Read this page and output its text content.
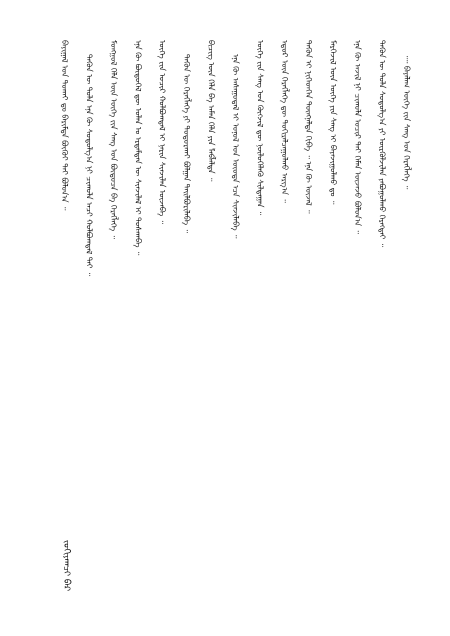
ᠪᠠᠶᠢᠭᠠᠯ ᠤᠨ ᠲᠤᠬᠠᠢ ᠳᠤ ᠪᠠᠷᠢᠮᠲᠠ ᠪᠦᠬᠦᠢ ᠲᠠᠢ ᠪᠣᠯᠤᠨ᠎ᠠ ᠃ ᠲᠡᠭᠦᠨ ᠦ ᠲᠤᠯᠠ ᠡᠨᠡ ᠬᠦ ᠰᠤᠳᠤᠯᠭ᠎ᠠ ᠨᠢ ᠴᠢᠬᠤᠯᠠ ᠠᠴᠢ ᠬᠣᠯᠪᠣᠭᠳᠠᠯ ᠲᠠᠢ ᠃ ᠮᠣᠩᠭᠣᠯ ᠬᠡᠯᠡ ᠦᠨ ᠦᠭᠡ ᠵᠢᠨ ᠰᠠᠩ ᠤᠨ ᠪᠦᠲᠦᠴᠡ ᠪᠠ ᠬᠡᠷᠡᠭᠯᠡᠭᠡ ᠃ ᠡᠨᠡ ᠬᠦ ᠪᠦᠲᠦᠭᠡᠯ ᠳᠦ ᠣᠯᠠᠨ ᠤ ᠡᠷᠳᠡᠮᠲᠡᠨ ᠦ ᠰᠢᠨᠵᠢᠯᠡᠯ ᠢ ᠲᠤᠰᠬᠠᠪᠠ ᠃ ᠦᠭᠡ ᠵᠢᠨ ᠤᠴᠢᠷ ᠬᠣᠯᠪᠣᠭᠳᠠᠯ ᠢ ᠨᠠᠷᠢᠨ ᠰᠢᠨᠵᠢᠯᠡᠨ ᠦᠵᠡᠪᠡ ᠃ ᠲᠡᠭᠦᠨ ᠦ ᠬᠡᠷᠡᠭᠯᠡᠭᠡ ᠶᠢ ᠲᠣᠳᠣᠷᠬᠠᠢ ᠪᠣᠯᠭᠠᠨ ᠲᠠᠢᠯᠪᠤᠷᠢᠯᠠᠪᠠ ᠃ ᠪᠢᠴᠢᠭ ᠦᠨ ᠬᠡᠯᠡ ᠪᠠ ᠠᠮᠠᠨ ᠬᠡᠯᠡ ᠶᠢᠨ ᠯᠠᠪᠯᠠᠯᠲᠠ ᠃ ᠡᠨᠡ ᠬᠦ ᠠᠰᠠᠭᠤᠳᠠᠯ ᠢ ᠣᠨᠣᠯ ᠤᠨ ᠦᠦᠳᠡ ᠡᠴᠡ ᠰᠢᠨᠵᠢᠯᠡᠪᠡ ᠃ ᠦᠭᠡ ᠵᠢᠨ ᠰᠠᠩ ᠤᠨ ᠬᠥᠭᠵᠢᠯ ᠳᠦ ᠨᠥᠯᠦᠭᠡᠯᠡᠬᠦ ᠰᠢᠯᠲᠠᠭᠠᠨ ᠃ ᠡᠳᠦᠷ ᠦᠨ ᠬᠡᠷᠡᠭᠯᠡᠭᠡ ᠳᠦ ᠲᠣᠬᠢᠷᠠᠯᠴᠠᠭᠤᠯᠬᠤ ᠠᠷᠭ᠎ᠠ ᠃ ᠲᠡᠭᠦᠨ ᠢ ᠨᠢᠭᠡᠳᠬᠡᠨ ᠳᠦᠩᠨᠡᠯᠲᠡ ᠬᠢᠪᠡ ᠃ ᠡᠨᠡ ᠬᠦ ᠦᠵᠡᠯ ᠃ ᠮᠡᠷᠭᠡᠵᠢᠯ ᠦᠨ ᠦᠭᠡ ᠶᠢᠨ ᠰᠠᠩ ᠢ ᠪᠠᠶᠠᠵᠢᠭᠤᠯᠬᠤ ᠳᠤ ᠃ ᠡᠨᠡ ᠬᠦ ᠠᠵᠢᠯ ᠨᠢ ᠴᠢᠬᠤᠯᠠ ᠤᠴᠢᠷ ᠲᠠᠢ ᠬᠡᠮᠡᠨ ᠦᠵᠡᠵᠦ ᠪᠣᠯᠤᠨ᠎ᠠ ᠃ ᠲᠡᠭᠦᠨ ᠦ ᠲᠤᠯᠠ ᠰᠤᠳᠤᠯᠭ᠎ᠠ ᠶᠢ ᠦᠷᠭᠦᠯᠵᠢᠯᠡᠨ ᠶᠠᠪᠤᠭᠤᠯᠬᠤ ᠬᠡᠷᠡᠭᠲᠡᠢ ᠃ ᠁ ᠪᠠᠶᠠᠯᠠᠭ ᠦᠭᠡ ᠵᠢᠨ ᠰᠠᠩ ᠤᠨ ᠬᠡᠷᠡᠭᠯᠡᠭᠡ ᠃
ᠵᠣᠬᠢᠶᠠᠭᠴᠢ ᠪᠡᠷ
